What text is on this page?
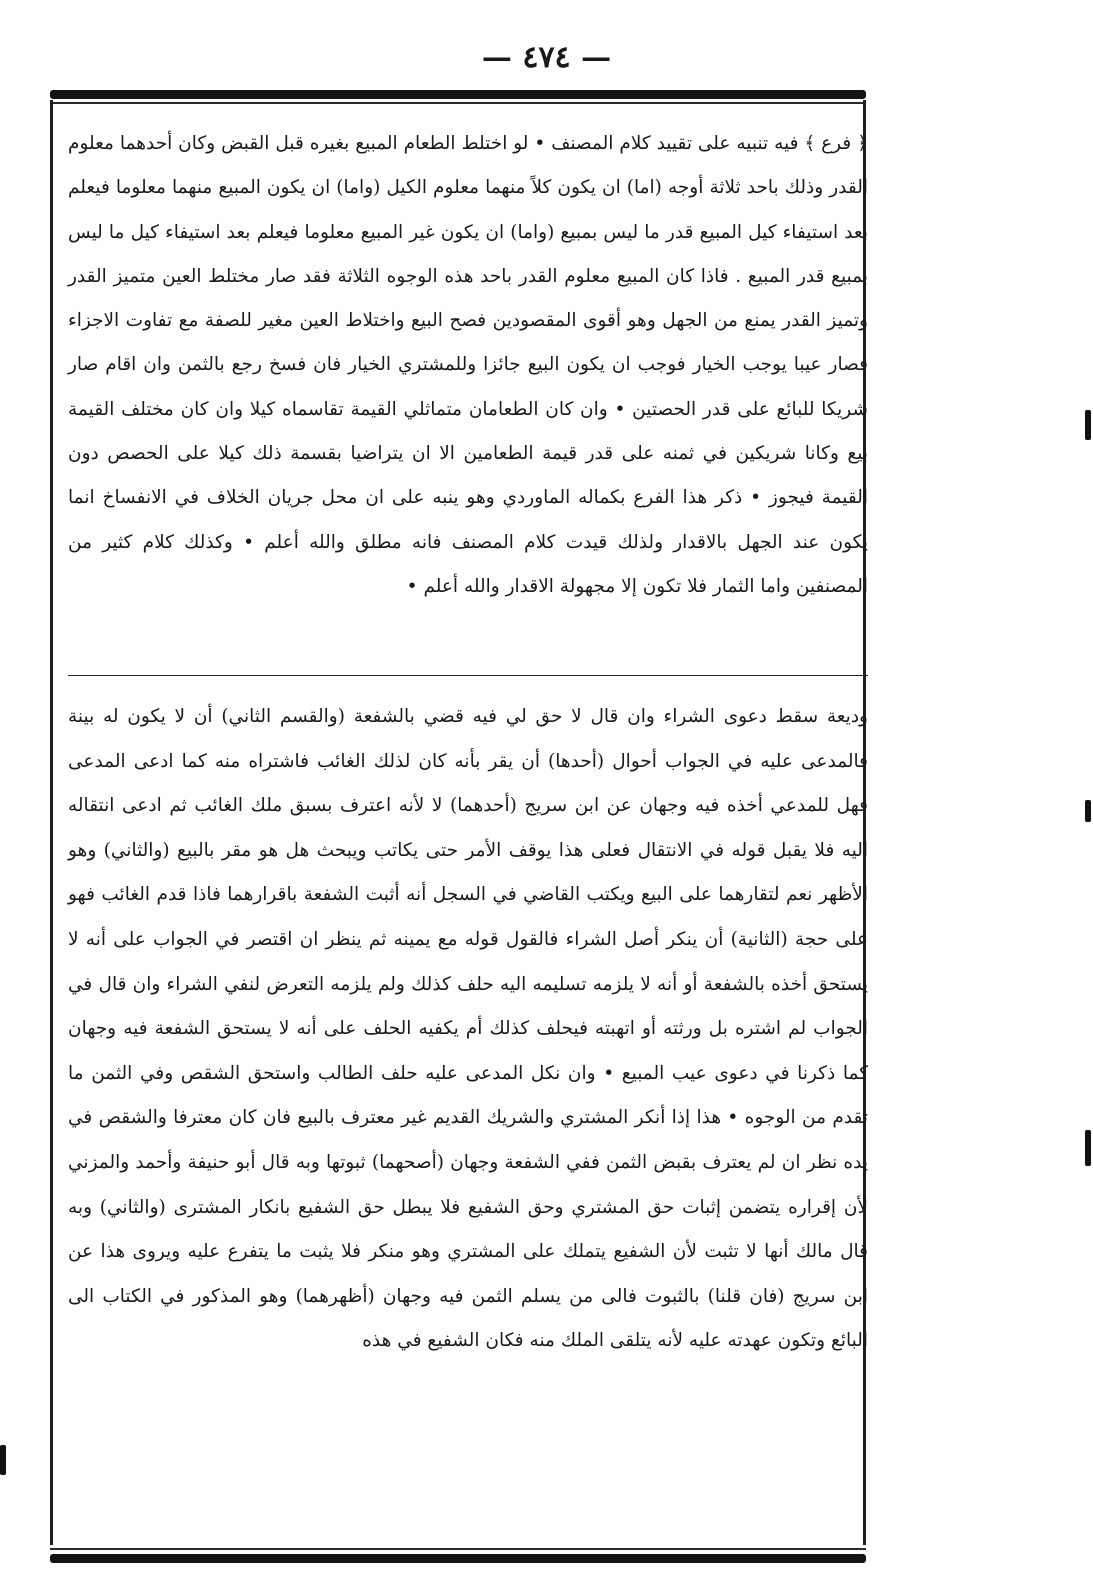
— ٤٧٤ —

﴿ فرع ﴾ فيه تنبيه على تقييد كلام المصنف • لو اختلط الطعام المبيع بغيره قبل القبض وكان أحدهما معلوم القدر وذلك باحد ثلاثة أوجه (اما) ان يكون كلاً منهما معلوم الكيل (واما) ان يكون المبيع منهما معلوما فيعلم بعد استيفاء كيل المبيع قدر ما ليس بمبيع (واما) ان يكون غير المبيع معلوما فيعلم بعد استيفاء كيل ما ليس بمبيع قدر المبيع . فاذا كان المبيع معلوم القدر باحد هذه الوجوه الثلاثة فقد صار مختلط العين متميز القدر وتميز القدر يمنع من الجهل وهو أقوى المقصودين فصح البيع واختلاط العين مغير للصفة مع تفاوت الاجزاء فصار عيبا يوجب الخيار فوجب ان يكون البيع جائزا وللمشتري الخيار فان فسخ رجع بالثمن وان اقام صار شريكا للبائع على قدر الحصتين • وان كان الطعامان متماثلي القيمة تقاسماه كيلا وان كان مختلف القيمة بيع وكانا شريكين في ثمنه على قدر قيمة الطعامين الا ان يتراضيا بقسمة ذلك كيلا على الحصص دون القيمة فيجوز • ذكر هذا الفرع بكماله الماوردي وهو ينبه على ان محل جريان الخلاف في الانفساخ انما يكون عند الجهل بالاقدار ولذلك قيدت كلام المصنف فانه مطلق والله أعلم • وكذلك كلام كثير من المصنفين واما الثمار فلا تكون إلا مجهولة الاقدار والله أعلم •

وديعة سقط دعوى الشراء وان قال لا حق لي فيه قضي بالشفعة (والقسم الثاني) أن لا يكون له بينة فالمدعى عليه في الجواب أحوال (أحدها) أن يقر بأنه كان لذلك الغائب فاشتراه منه كما ادعى المدعى فهل للمدعي أخذه فيه وجهان عن ابن سريج (أحدهما) لا لأنه اعترف بسبق ملك الغائب ثم ادعى انتقاله اليه فلا يقبل قوله في الانتقال فعلى هذا يوقف الأمر حتى يكاتب ويبحث هل هو مقر بالبيع (والثاني) وهو الأظهر نعم لتقارهما على البيع ويكتب القاضي في السجل أنه أثبت الشفعة باقرارهما فاذا قدم الغائب فهو على حجة (الثانية) أن ينكر أصل الشراء فالقول قوله مع يمينه ثم ينظر ان اقتصر في الجواب على أنه لا يستحق أخذه بالشفعة أو أنه لا يلزمه تسليمه اليه حلف كذلك ولم يلزمه التعرض لنفي الشراء وان قال في الجواب لم اشتره بل ورثته أو اتهبته فيحلف كذلك أم يكفيه الحلف على أنه لا يستحق الشفعة فيه وجهان كما ذكرنا في دعوى عيب المبيع • وان نكل المدعى عليه حلف الطالب واستحق الشقص وفي الثمن ما تقدم من الوجوه • هذا إذا أنكر المشتري والشريك القديم غير معترف بالبيع فان كان معترفا والشقص في يده نظر ان لم يعترف بقبض الثمن ففي الشفعة وجهان (أصحهما) ثبوتها وبه قال أبو حنيفة وأحمد والمزني لأن إقراره يتضمن إثبات حق المشتري وحق الشفيع فلا يبطل حق الشفيع بانكار المشترى (والثاني) وبه قال مالك أنها لا تثبت لأن الشفيع يتملك على المشتري وهو منكر فلا يثبت ما يتفرع عليه ويروى هذا عن ابن سريج (فان قلنا) بالثبوت فالى من يسلم الثمن فيه وجهان (أظهرهما) وهو المذكور في الكتاب الى البائع وتكون عهدته عليه لأنه يتلقى الملك منه فكان الشفيع في هذه
